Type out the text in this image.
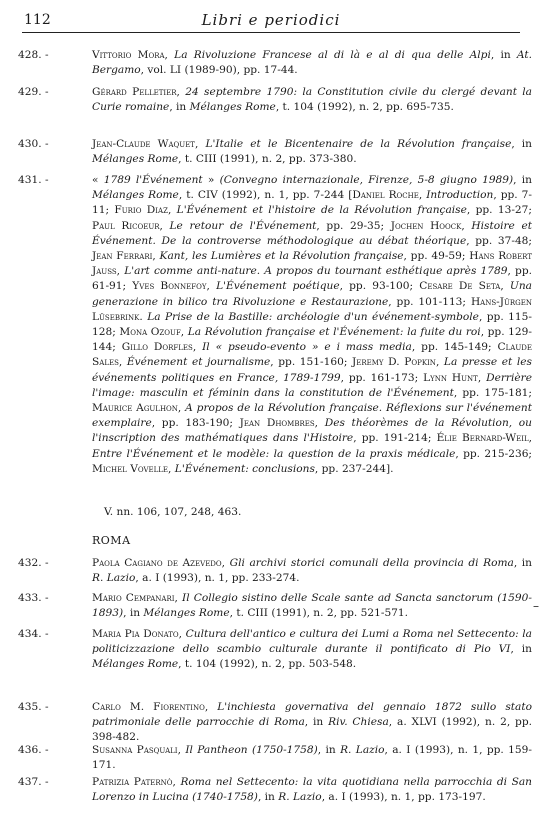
112	Libri e periodici
428. -	Vittorio Mora, La Rivoluzione Francese al di là e al di qua delle Alpi, in At. Bergamo, vol. LI (1989-90), pp. 17-44.
429. -	Gérard Pelletier, 24 septembre 1790: la Constitution civile du clergé devant la Curie romaine, in Mélanges Rome, t. 104 (1992), n. 2, pp. 695-735.
430. -	Jean-Claude Waquet, L'Italie et le Bicentenaire de la Révolution française, in Mélanges Rome, t. CIII (1991), n. 2, pp. 373-380.
431. -	« 1789 l'Événement » (Convegno internazionale, Firenze, 5-8 giugno 1989), in Mélanges Rome, t. CIV (1992), n. 1, pp. 7-244 [Daniel Roche, Introduction, pp. 7-11; Furio Diaz, L'Événement et l'histoire de la Révolution française, pp. 13-27; Paul Ricoeur, Le retour de l'Événement, pp. 29-35; Jochen Hoock, Histoire et Événement. De la controverse méthodologique au débat théorique, pp. 37-48; Jean Ferrari, Kant, les Lumières et la Révolution française, pp. 49-59; Hans Robert Jauss, L'art comme anti-nature. A propos du tournant esthétique après 1789, pp. 61-91; Yves Bonnefoy, L'Événement poétique, pp. 93-100; Cesare De Seta, Una generazione in bilico tra Rivoluzione e Restaurazione, pp. 101-113; Hans-Jürgen Lüsebrink. La Prise de la Bastille: archéologie d'un événement-symbole, pp. 115-128; Mona Ozouf, La Révolution française et l'Événement: la fuite du roi, pp. 129-144; Gillo Dorfles, Il « pseudo-evento » e i mass media, pp. 145-149; Claude Sales, Événement et journalisme, pp. 151-160; Jeremy D. Popkin, La presse et les événements politiques en France, 1789-1799, pp. 161-173; Lynn Hunt, Derrière l'image: masculin et féminin dans la constitution de l'Événement, pp. 175-181; Maurice Agulhon, A propos de la Révolution française. Réflexions sur l'événement exemplaire, pp. 183-190; Jean Dhombres, Des théorèmes de la Révolution, ou l'inscription des mathématiques dans l'Histoire, pp. 191-214; Élie Bernard-Weil, Entre l'Événement et le modèle: la question de la praxis médicale, pp. 215-236; Michel Vovelle, L'Événement: conclusions, pp. 237-244].
V. nn. 106, 107, 248, 463.
ROMA
432. -	Paola Cagiano de Azevedo, Gli archivi storici comunali della provincia di Roma, in R. Lazio, a. I (1993), n. 1, pp. 233-274.
433. -	Mario Cempanari, Il Collegio sistino delle Scale sante ad Sancta sanctorum (1590-1893), in Mélanges Rome, t. CIII (1991), n. 2, pp. 521-571.
434. -	Maria Pia Donato, Cultura dell'antico e cultura dei Lumi a Roma nel Settecento: la politicizzazione dello scambio culturale durante il pontificato di Pio VI, in Mélanges Rome, t. 104 (1992), n. 2, pp. 503-548.
435. -	Carlo M. Fiorentino, L'inchiesta governativa del gennaio 1872 sullo stato patrimoniale delle parrocchie di Roma, in Riv. Chiesa, a. XLVI (1992), n. 2, pp. 398-482.
436. -	Susanna Pasquali, Il Pantheon (1750-1758), in R. Lazio, a. I (1993), n. 1, pp. 159-171.
437. -	Patrizia Paternò, Roma nel Settecento: la vita quotidiana nella parrocchia di San Lorenzo in Lucina (1740-1758), in R. Lazio, a. I (1993), n. 1, pp. 173-197.
–
